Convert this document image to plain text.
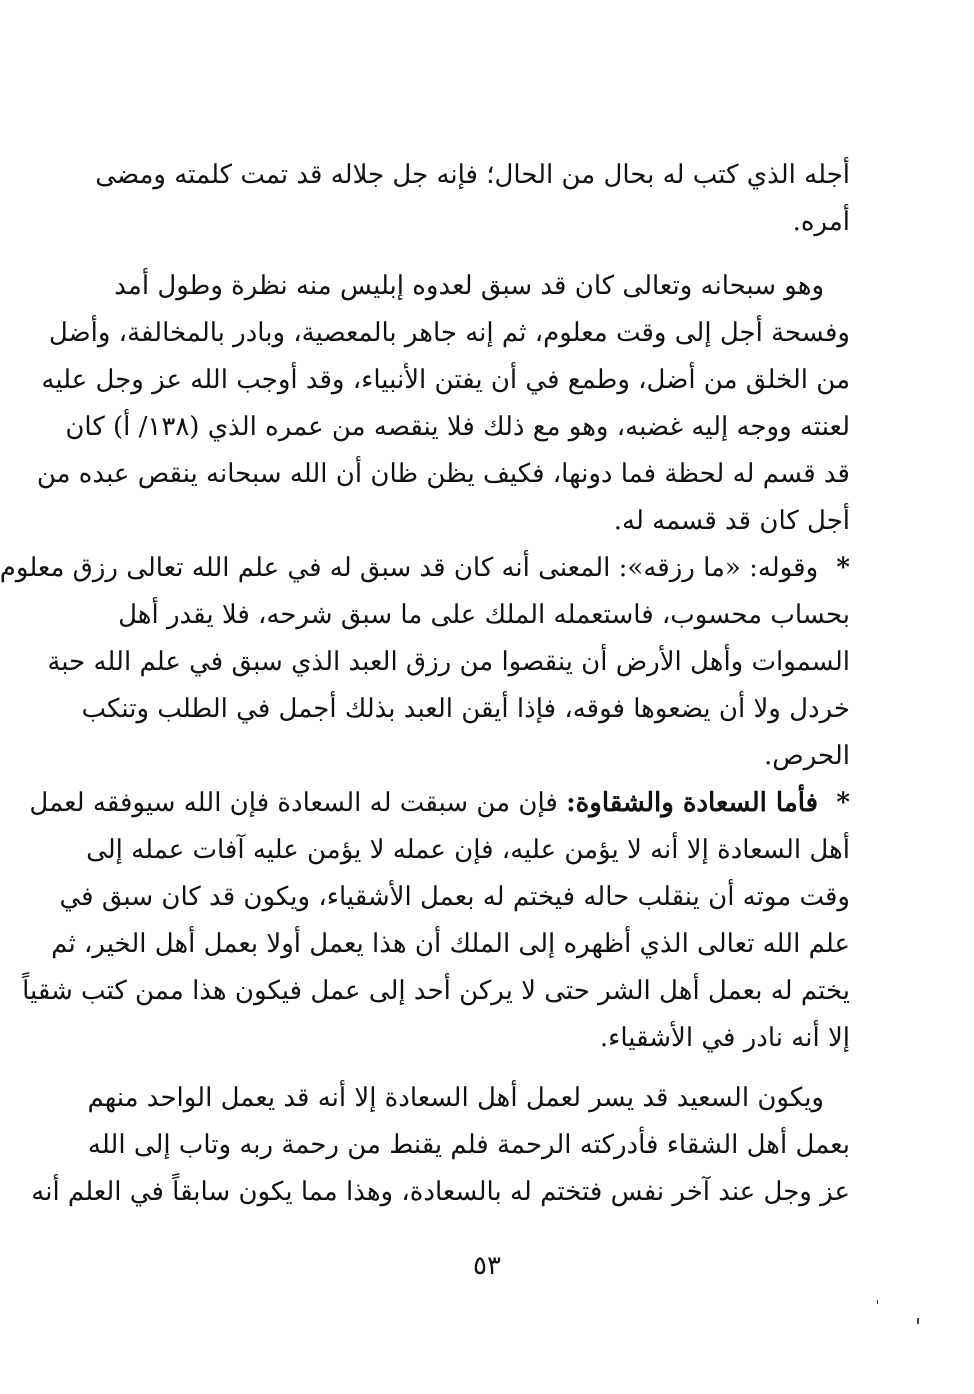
أجله الذي كتب له بحال من الحال؛ فإنه جل جلاله قد تمت كلمته ومضى
أمره.
وهو سبحانه وتعالى كان قد سبق لعدوه إبليس منه نظرة وطول أمد
وفسحة أجل إلى وقت معلوم، ثم إنه جاهر بالمعصية، وبادر بالمخالفة، وأضل
من الخلق من أضل، وطمع في أن يفتن الأنبياء، وقد أوجب الله عز وجل عليه
لعنته ووجه إليه غضبه، وهو مع ذلك فلا ينقصه من عمره الذي (١٣٨/ أ) كان
قد قسم له لحظة فما دونها، فكيف يظن ظان أن الله سبحانه ينقص عبده من
أجل كان قد قسمه له.
* وقوله: «ما رزقه»: المعنى أنه كان قد سبق له في علم الله تعالى رزق معلوم
بحساب محسوب، فاستعمله الملك على ما سبق شرحه، فلا يقدر أهل
السموات وأهل الأرض أن ينقصوا من رزق العبد الذي سبق في علم الله حبة
خردل ولا أن يضعوها فوقه، فإذا أيقن العبد بذلك أجمل في الطلب وتنكب
الحرص.
* فأما السعادة والشقاوة: فإن من سبقت له السعادة فإن الله سيوفقه لعمل
أهل السعادة إلا أنه لا يؤمن عليه، فإن عمله لا يؤمن عليه آفات عمله إلى
وقت موته أن ينقلب حاله فيختم له بعمل الأشقياء، ويكون قد كان سبق في
علم الله تعالى الذي أظهره إلى الملك أن هذا يعمل أولا بعمل أهل الخير، ثم
يختم له بعمل أهل الشر حتى لا يركن أحد إلى عمل فيكون هذا ممن كتب شقياً
إلا أنه نادر في الأشقياء.
ويكون السعيد قد يسر لعمل أهل السعادة إلا أنه قد يعمل الواحد منهم
بعمل أهل الشقاء فأدركته الرحمة فلم يقنط من رحمة ربه وتاب إلى الله
عز وجل عند آخر نفس فتختم له بالسعادة، وهذا مما يكون سابقاً في العلم أنه
٥٣
